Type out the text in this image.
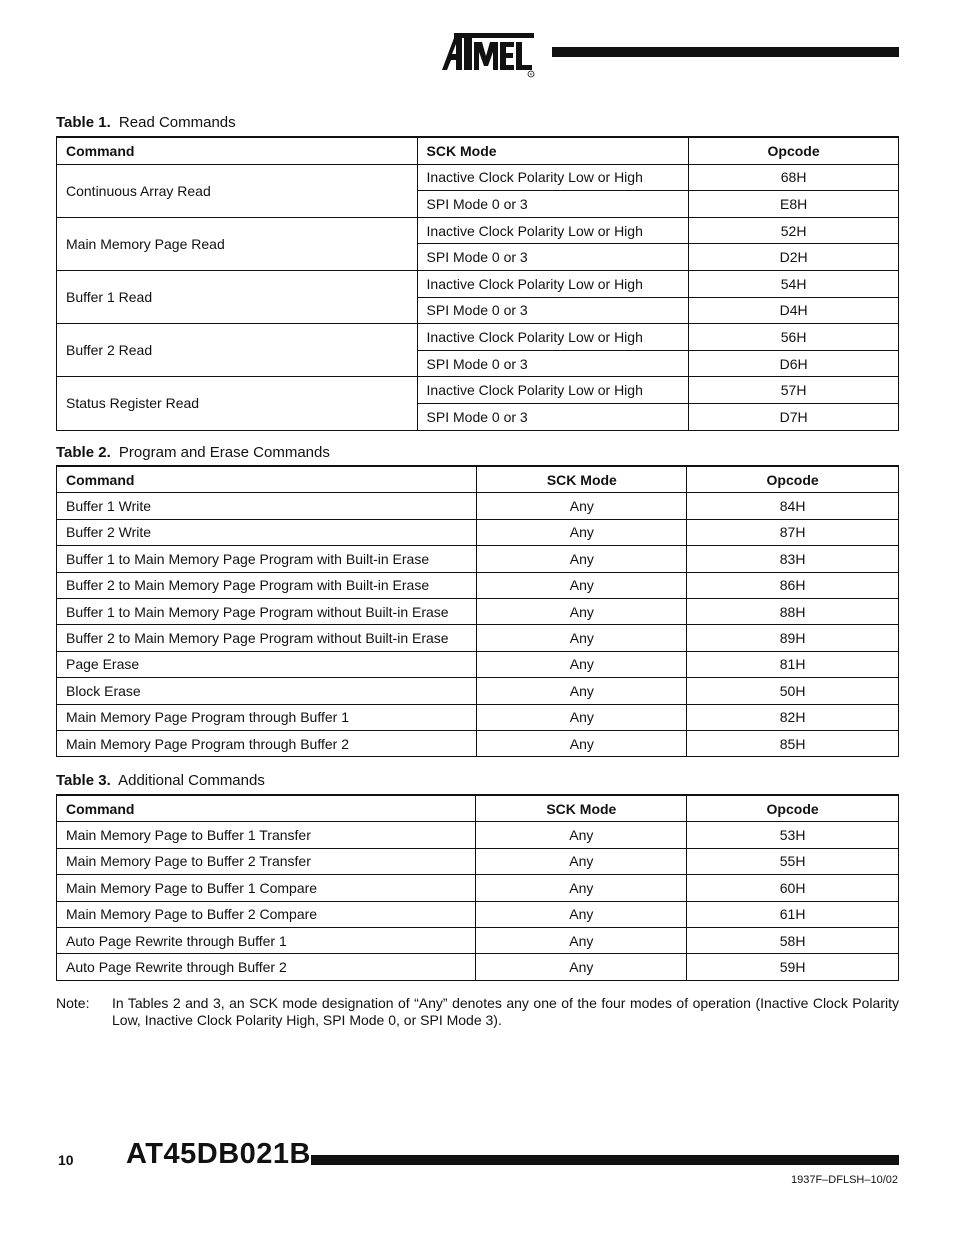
R
Table 1. Read Commands
Command	SCK Mode	Opcode
Continuous Array Read	Inactive Clock Polarity Low or High	68H
	SPI Mode 0 or 3	E8H
Main Memory Page Read	Inactive Clock Polarity Low or High	52H
	SPI Mode 0 or 3	D2H
Buffer 1 Read	Inactive Clock Polarity Low or High	54H
	SPI Mode 0 or 3	D4H
Buffer 2 Read	Inactive Clock Polarity Low or High	56H
	SPI Mode 0 or 3	D6H
Status Register Read	Inactive Clock Polarity Low or High	57H
	SPI Mode 0 or 3	D7H
Table 2. Program and Erase Commands
Command	SCK Mode	Opcode
Buffer 1 Write	Any	84H
Buffer 2 Write	Any	87H
Buffer 1 to Main Memory Page Program with Built-in Erase	Any	83H
Buffer 2 to Main Memory Page Program with Built-in Erase	Any	86H
Buffer 1 to Main Memory Page Program without Built-in Erase	Any	88H
Buffer 2 to Main Memory Page Program without Built-in Erase	Any	89H
Page Erase	Any	81H
Block Erase	Any	50H
Main Memory Page Program through Buffer 1	Any	82H
Main Memory Page Program through Buffer 2	Any	85H
Table 3. Additional Commands
Command	SCK Mode	Opcode
Main Memory Page to Buffer 1 Transfer	Any	53H
Main Memory Page to Buffer 2 Transfer	Any	55H
Main Memory Page to Buffer 1 Compare	Any	60H
Main Memory Page to Buffer 2 Compare	Any	61H
Auto Page Rewrite through Buffer 1	Any	58H
Auto Page Rewrite through Buffer 2	Any	59H
Note: In Tables 2 and 3, an SCK mode designation of “Any” denotes any one of the four modes of operation (Inactive Clock Polarity Low, Inactive Clock Polarity High, SPI Mode 0, or SPI Mode 3).
10 AT45DB021B
1937F–DFLSH–10/02
